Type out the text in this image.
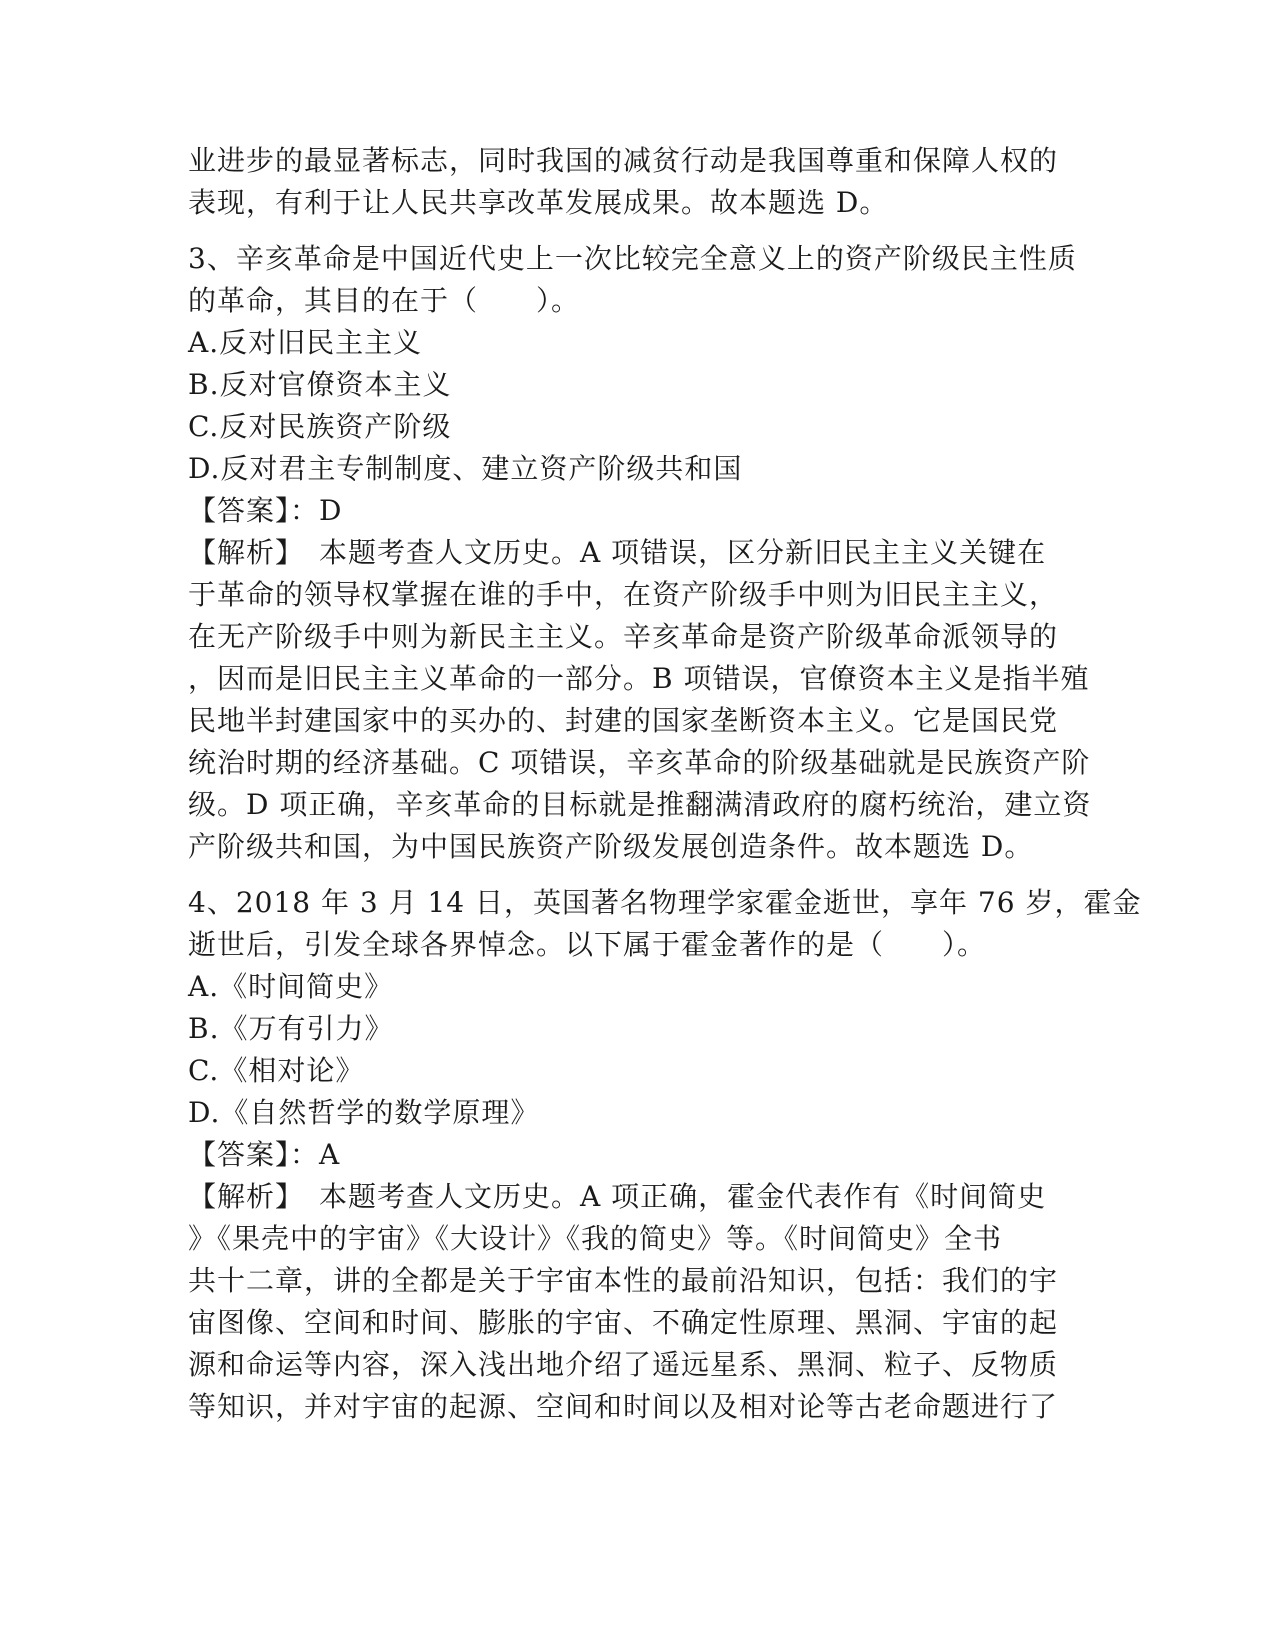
业进步的最显著标志，同时我国的减贫行动是我国尊重和保障人权的
表现，有利于让人民共享改革发展成果。故本题选 D。
3、辛亥革命是中国近代史上一次比较完全意义上的资产阶级民主性质
的革命，其目的在于（　　）。
A.反对旧民主主义
B.反对官僚资本主义
C.反对民族资产阶级
D.反对君主专制制度、建立资产阶级共和国
【答案】：D
【解析】　本题考查人文历史。A 项错误，区分新旧民主主义关键在
于革命的领导权掌握在谁的手中，在资产阶级手中则为旧民主主义，
在无产阶级手中则为新民主主义。辛亥革命是资产阶级革命派领导的
，因而是旧民主主义革命的一部分。B 项错误，官僚资本主义是指半殖
民地半封建国家中的买办的、封建的国家垄断资本主义。它是国民党
统治时期的经济基础。C 项错误，辛亥革命的阶级基础就是民族资产阶
级。D 项正确，辛亥革命的目标就是推翻满清政府的腐朽统治，建立资
产阶级共和国，为中国民族资产阶级发展创造条件。故本题选 D。
4、2018 年 3 月 14 日，英国著名物理学家霍金逝世，享年 76 岁，霍金
逝世后，引发全球各界悼念。以下属于霍金著作的是（　　）。
A.《时间简史》
B.《万有引力》
C.《相对论》
D.《自然哲学的数学原理》
【答案】：A
【解析】　本题考查人文历史。A 项正确，霍金代表作有《时间简史
》《果壳中的宇宙》《大设计》《我的简史》等。《时间简史》全书
共十二章，讲的全都是关于宇宙本性的最前沿知识，包括：我们的宇
宙图像、空间和时间、膨胀的宇宙、不确定性原理、黑洞、宇宙的起
源和命运等内容，深入浅出地介绍了遥远星系、黑洞、粒子、反物质
等知识，并对宇宙的起源、空间和时间以及相对论等古老命题进行了
